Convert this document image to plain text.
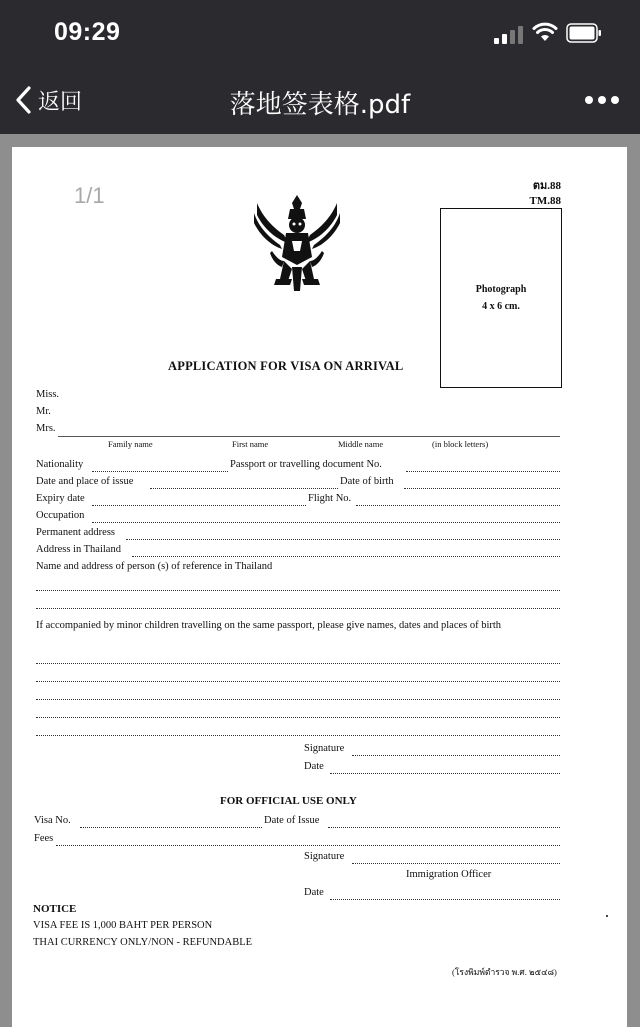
09:29
返回	落地签表格.pdf
1/1	ตม.88
TM.88
Photograph
4 x 6 cm.
APPLICATION FOR VISA ON ARRIVAL
Miss.
Mr.
Mrs.
Family name	First name	Middle name	(in block letters)
Nationality	Passport or travelling document No.
Date and place of issue	Date of birth
Expiry date	Flight No.
Occupation
Permanent address
Address in Thailand
Name and address of person (s) of reference in Thailand
If accompanied by minor children travelling on the same passport, please give names, dates and places of birth
Signature
Date
FOR OFFICIAL USE ONLY
Visa No.	Date of Issue
Fees
Signature
Immigration Officer
Date
NOTICE
VISA FEE IS 1,000 BAHT PER PERSON
THAI CURRENCY ONLY/NON - REFUNDABLE
(โรงพิมพ์ตำรวจ พ.ศ. ๒๕๔๘)
